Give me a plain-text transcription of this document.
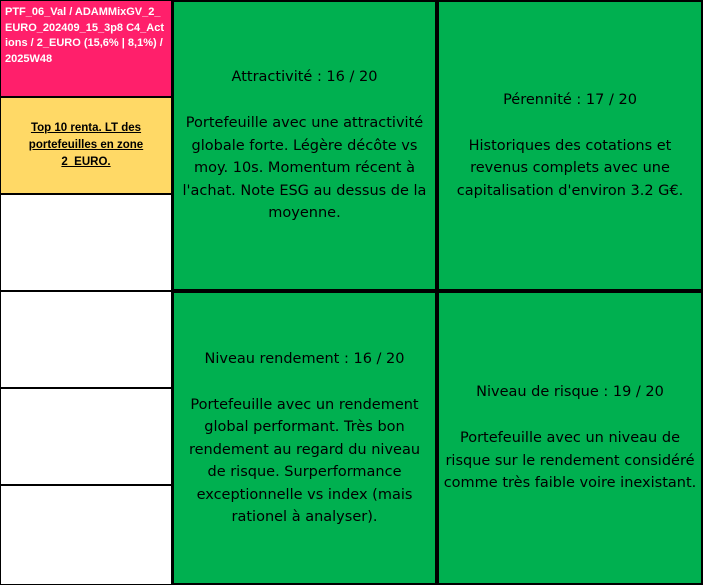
PTF_06_Val / ADAMMixGV_2_EURO_202409_15_3p8 C4_Actions / 2_EURO (15,6% | 8,1%) / 2025W48
Top 10 renta. LT des portefeuilles en zone 2_EURO.

Attractivité : 16 / 20

Portefeuille avec une attractivité globale forte. Légère décôte vs moy. 10s. Momentum récent à l'achat. Note ESG au dessus de la moyenne.

Pérennité : 17 / 20

Historiques des cotations et revenus complets avec une capitalisation d'environ 3.2 G€.

Niveau rendement : 16 / 20

Portefeuille avec un rendement global performant. Très bon rendement au regard du niveau de risque. Surperformance exceptionnelle vs index (mais rationel à analyser).

Niveau de risque : 19 / 20

Portefeuille avec un niveau de risque sur le rendement considéré comme très faible voire inexistant.
